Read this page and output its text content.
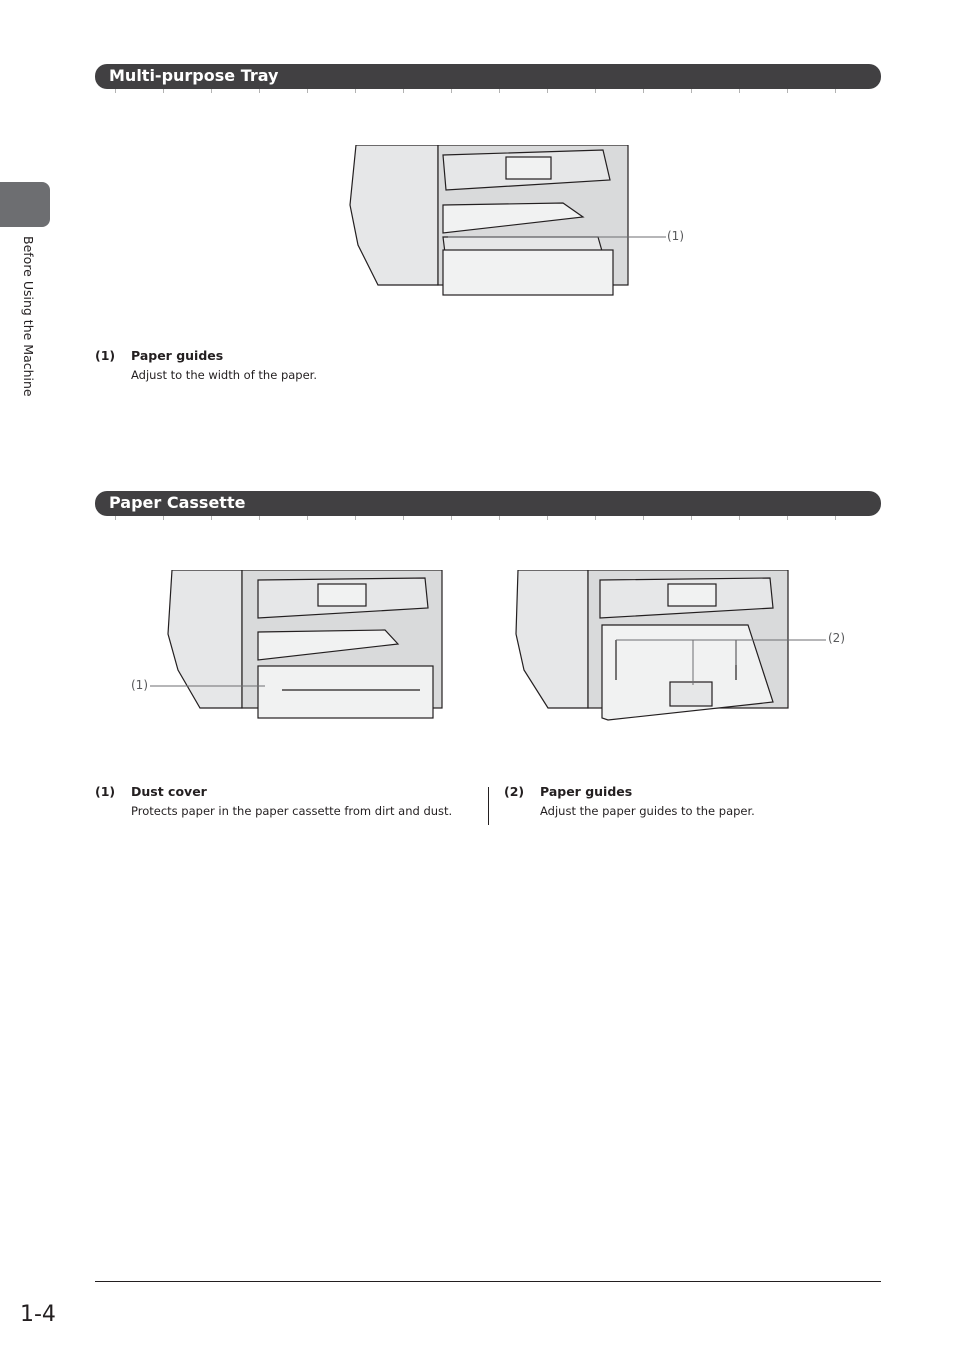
Before Using the Machine
Multi-purpose Tray
(1)
(1) Paper guides
Adjust to the width of the paper.
Paper Cassette
(1)
(2)
(1) Dust cover
Protects paper in the paper cassette from dirt and dust.
(2) Paper guides
Adjust the paper guides to the paper.
1-4
